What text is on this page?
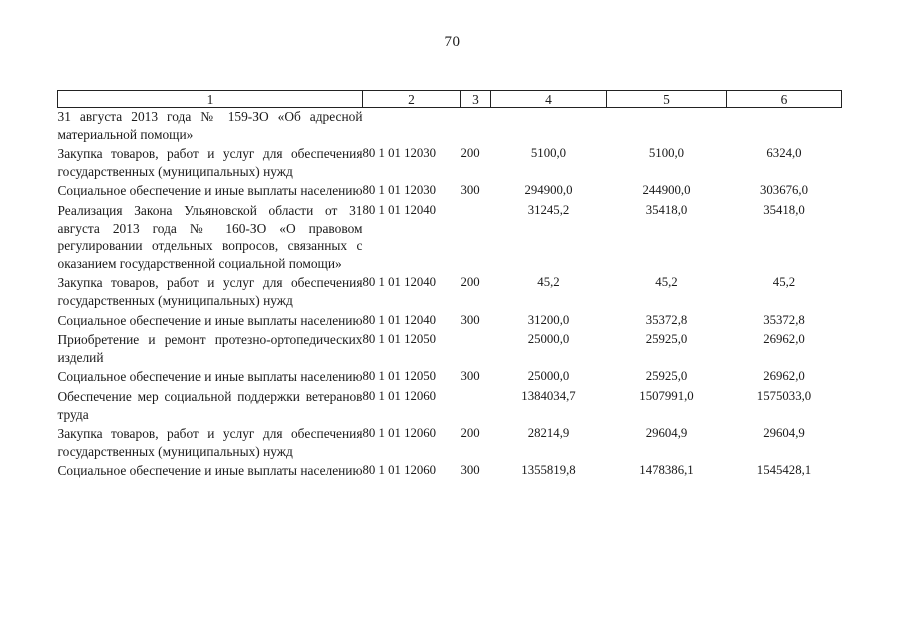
70
1	2	3	4	5	6
31 августа 2013 года № 159-ЗО «Об адресной материальной помощи»					
Закупка товаров, работ и услуг для обеспечения государственных (муниципальных) нужд	80 1 01 12030	200	5100,0	5100,0	6324,0
Социальное обеспечение и иные выплаты населению	80 1 01 12030	300	294900,0	244900,0	303676,0
Реализация Закона Ульяновской области от 31 августа 2013 года № 160-ЗО «О правовом регулировании отдельных вопросов, связанных с оказанием государственной социальной помощи»	80 1 01 12040		31245,2	35418,0	35418,0
Закупка товаров, работ и услуг для обеспечения государственных (муниципальных) нужд	80 1 01 12040	200	45,2	45,2	45,2
Социальное обеспечение и иные выплаты населению	80 1 01 12040	300	31200,0	35372,8	35372,8
Приобретение и ремонт протезно-ортопедических изделий	80 1 01 12050		25000,0	25925,0	26962,0
Социальное обеспечение и иные выплаты населению	80 1 01 12050	300	25000,0	25925,0	26962,0
Обеспечение мер социальной поддержки ветеранов труда	80 1 01 12060		1384034,7	1507991,0	1575033,0
Закупка товаров, работ и услуг для обеспечения государственных (муниципальных) нужд	80 1 01 12060	200	28214,9	29604,9	29604,9
Социальное обеспечение и иные выплаты населению	80 1 01 12060	300	1355819,8	1478386,1	1545428,1
